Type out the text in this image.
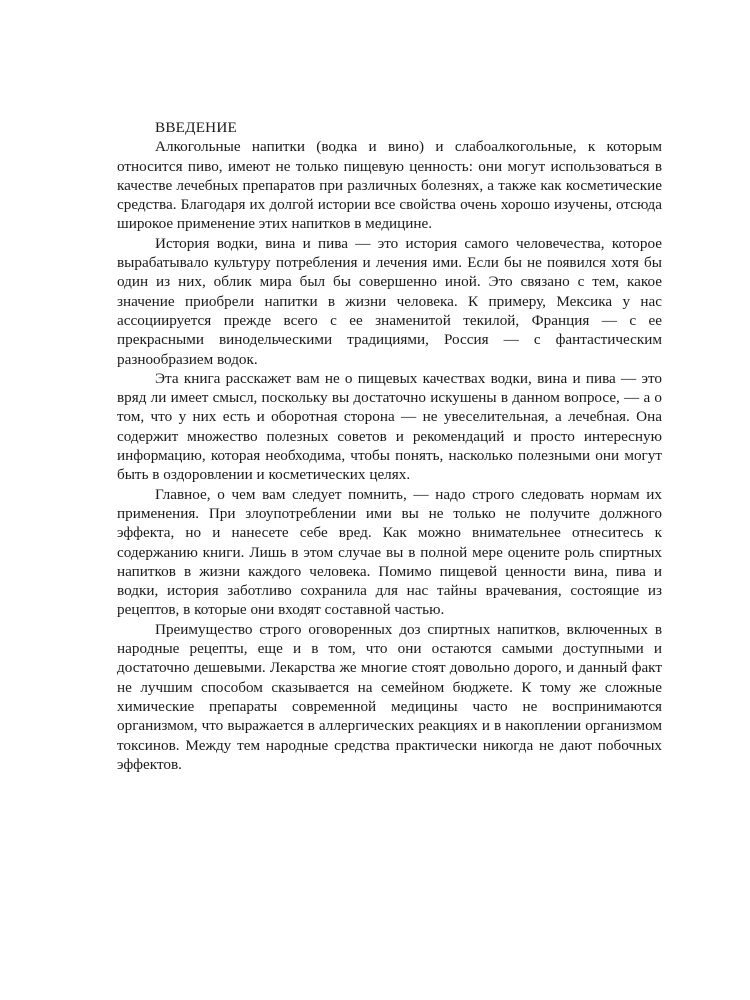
ВВЕДЕНИЕ

Алкогольные напитки (водка и вино) и слабоалкогольные, к которым относится пиво, имеют не только пищевую ценность: они могут использоваться в качестве лечебных препаратов при различных болезнях, а также как косметические средства. Благодаря их долгой истории все свойства очень хорошо изучены, отсюда широкое применение этих напитков в медицине.

История водки, вина и пива — это история самого человечества, которое вырабатывало культуру потребления и лечения ими. Если бы не появился хотя бы один из них, облик мира был бы совершенно иной. Это связано с тем, какое значение приобрели напитки в жизни человека. К примеру, Мексика у нас ассоциируется прежде всего с ее знаменитой текилой, Франция — с ее прекрасными винодельческими традициями, Россия — с фантастическим разнообразием водок.

Эта книга расскажет вам не о пищевых качествах водки, вина и пива — это вряд ли имеет смысл, поскольку вы достаточно искушены в данном вопросе, — а о том, что у них есть и оборотная сторона — не увеселительная, а лечебная. Она содержит множество полезных советов и рекомендаций и просто интересную информацию, которая необходима, чтобы понять, насколько полезными они могут быть в оздоровлении и косметических целях.

Главное, о чем вам следует помнить, — надо строго следовать нормам их применения. При злоупотреблении ими вы не только не получите должного эффекта, но и нанесете себе вред. Как можно внимательнее отнеситесь к содержанию книги. Лишь в этом случае вы в полной мере оцените роль спиртных напитков в жизни каждого человека. Помимо пищевой ценности вина, пива и водки, история заботливо сохранила для нас тайны врачевания, состоящие из рецептов, в которые они входят составной частью.

Преимущество строго оговоренных доз спиртных напитков, включенных в народные рецепты, еще и в том, что они остаются самыми доступными и достаточно дешевыми. Лекарства же многие стоят довольно дорого, и данный факт не лучшим способом сказывается на семейном бюджете. К тому же сложные химические препараты современной медицины часто не воспринимаются организмом, что выражается в аллергических реакциях и в накоплении организмом токсинов. Между тем народные средства практически никогда не дают побочных эффектов.
